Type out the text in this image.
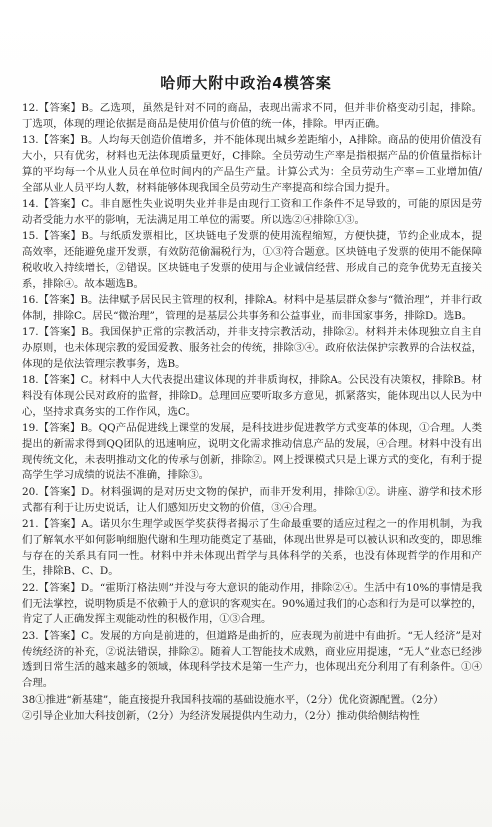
哈师大附中政治4模答案
12.【答案】B。乙选项，虽然是针对不同的商品，表现出需求不同，但并非价格变动引起，排除。丁选项，体现的理论依据是商品是使用价值与价值的统一体，排除。甲丙正确。
13.【答案】B。人均每天创造价值增多，并不能体现出城乡差距缩小，A排除。商品的使用价值没有大小，只有优劣，材料也无法体现质量更好，C排除。全员劳动生产率是指根据产品的价值量指标计算的平均每一个从业人员在单位时间内的产品生产量。计算公式为：全员劳动生产率＝工业增加值/全部从业人员平均人数，材料能够体现我国全员劳动生产率提高和综合国力提升。
14.【答案】C。非自愿性失业说明失业并非是由现行工资和工作条件不足导致的，可能的原因是劳动者受能力水平的影响，无法满足用工单位的需要。所以选②④排除①③。
15.【答案】B。与纸质发票相比，区块链电子发票的使用流程缩短，方便快捷，节约企业成本，提高效率，还能避免虚开发票，有效防范偷漏税行为，①③符合题意。区块链电子发票的使用不能保障税收收入持续增长，②错误。区块链电子发票的使用与企业诚信经营、形成自己的竞争优势无直接关系，排除④。故本题选B。
16.【答案】B。法律赋予居民民主管理的权利，排除A。材料中是基层群众参与“微治理”，并非行政体制，排除C。居民“微治理”，管理的是基层公共事务和公益事业，而非国家事务，排除D。选B。
17.【答案】B。我国保护正常的宗教活动，并非支持宗教活动，排除②。材料并未体现独立自主自办原则，也未体现宗教的爱国爱教、服务社会的传统，排除③④。政府依法保护宗教界的合法权益，体现的是依法管理宗教事务，选B。
18.【答案】C。材料中人大代表提出建议体现的并非质询权，排除A。公民没有决策权，排除B。材料没有体现公民对政府的监督，排除D。总理回应要听取多方意见，抓紧落实，能体现出以人民为中心，坚持求真务实的工作作风，选C。
19.【答案】B。QQ产品促进线上课堂的发展，是科技进步促进教学方式变革的体现，①合理。人类提出的新需求得到QQ团队的迅速响应，说明文化需求推动信息产品的发展，④合理。材料中没有出现传统文化，未表明推动文化的传承与创新，排除②。网上授课模式只是上课方式的变化，有利于提高学生学习成绩的说法不准确，排除③。
20.【答案】D。材料强调的是对历史文物的保护，而非开发利用，排除①②。讲座、游学和技术形式都有利于让历史说话，让人们感知历史文物的价值，③④合理。
21.【答案】A。诺贝尔生理学或医学奖获得者揭示了生命最重要的适应过程之一的作用机制，为我们了解氧水平如何影响细胞代谢和生理功能奠定了基础，体现出世界是可以被认识和改变的，即思维与存在的关系具有同一性。材料中并未体现出哲学与具体科学的关系，也没有体现哲学的作用和产生，排除B、C、D。
22.【答案】D。“霍斯汀格法则”并没与夸大意识的能动作用，排除②④。生活中有10%的事情是我们无法掌控，说明物质是不依赖于人的意识的客观实在。90%通过我们的心态和行为是可以掌控的，肯定了人正确发挥主观能动性的积极作用，①③合理。
23.【答案】C。发展的方向是前进的，但道路是曲折的，应表现为前进中有曲折。“无人经济”是对传统经济的补充，②说法错误，排除②。随着人工智能技术成熟，商业应用提速，“无人”业态已经涉透到日常生活的越来越多的领域，体现科学技术是第一生产力，也体现出充分利用了有利条件。①④合理。
38①推进“新基建”，能直接提升我国科技端的基础设施水平，（2分）优化资源配置。（2分）
②引导企业加大科技创新，（2分）为经济发展提供内生动力，（2分）推动供给侧结构性
